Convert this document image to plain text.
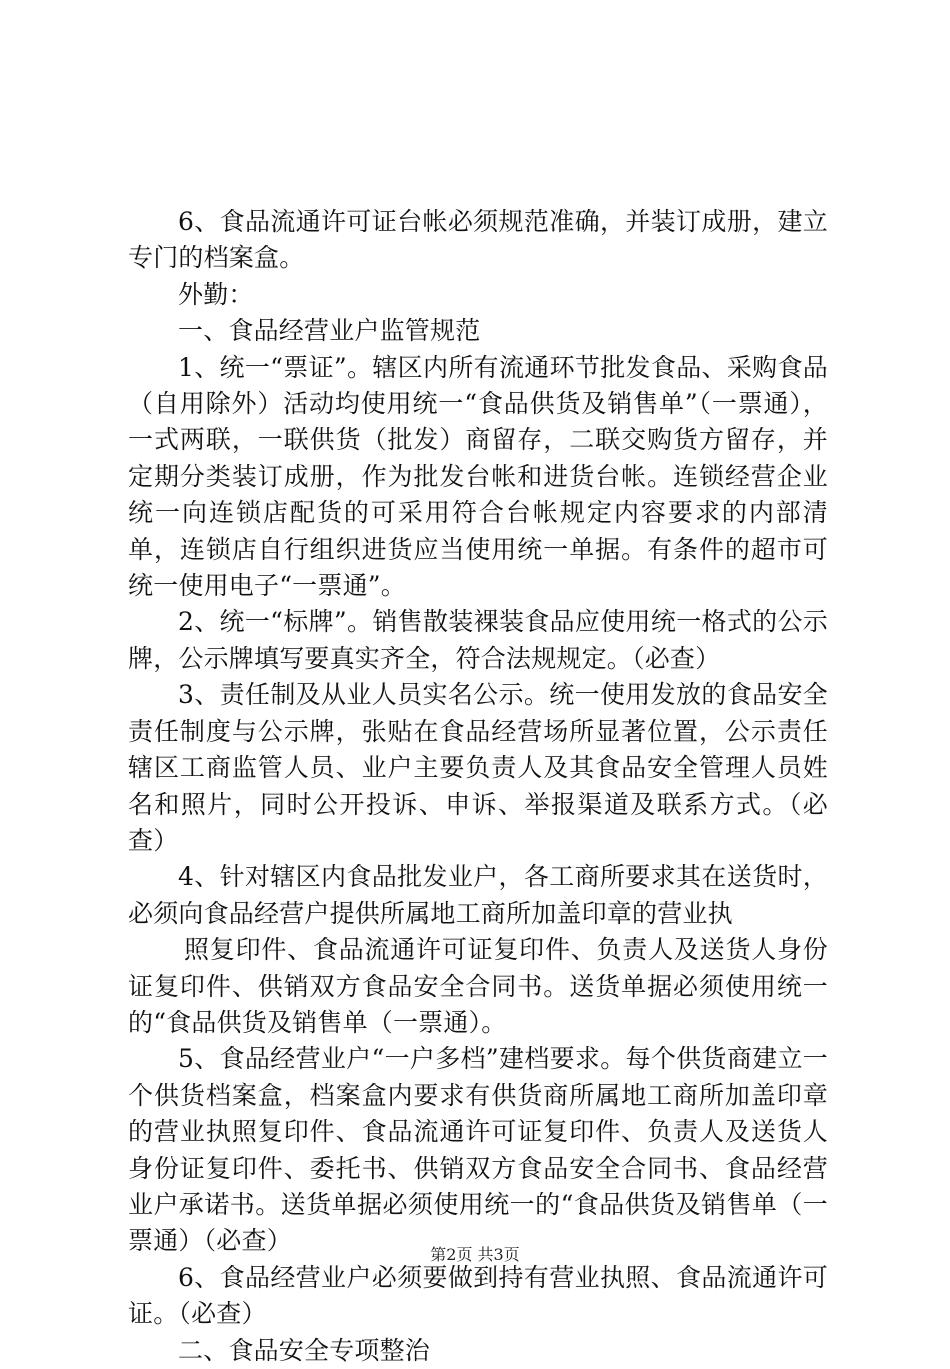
6、食品流通许可证台帐必须规范准确，并装订成册，建立专门的档案盒。

外勤：

一、食品经营业户监管规范

1、统一“票证”。辖区内所有流通环节批发食品、采购食品（自用除外）活动均使用统一“食品供货及销售单”（一票通），一式两联，一联供货（批发）商留存，二联交购货方留存，并定期分类装订成册，作为批发台帐和进货台帐。连锁经营企业统一向连锁店配货的可采用符合台帐规定内容要求的内部清单，连锁店自行组织进货应当使用统一单据。有条件的超市可统一使用电子“一票通”。

2、统一“标牌”。销售散装裸装食品应使用统一格式的公示牌，公示牌填写要真实齐全，符合法规规定。（必查）

3、责任制及从业人员实名公示。统一使用发放的食品安全责任制度与公示牌，张贴在食品经营场所显著位置，公示责任辖区工商监管人员、业户主要负责人及其食品安全管理人员姓名和照片，同时公开投诉、申诉、举报渠道及联系方式。（必查）

4、针对辖区内食品批发业户，各工商所要求其在送货时，必须向食品经营户提供所属地工商所加盖印章的营业执

照复印件、食品流通许可证复印件、负责人及送货人身份证复印件、供销双方食品安全合同书。送货单据必须使用统一的“食品供货及销售单（一票通）。

5、食品经营业户“一户多档”建档要求。每个供货商建立一个供货档案盒，档案盒内要求有供货商所属地工商所加盖印章的营业执照复印件、食品流通许可证复印件、负责人及送货人身份证复印件、委托书、供销双方食品安全合同书、食品经营业户承诺书。送货单据必须使用统一的“食品供货及销售单（一票通）（必查）

6、食品经营业户必须要做到持有营业执照、食品流通许可证。（必查）

二、食品安全专项整治

第2页 共3页
